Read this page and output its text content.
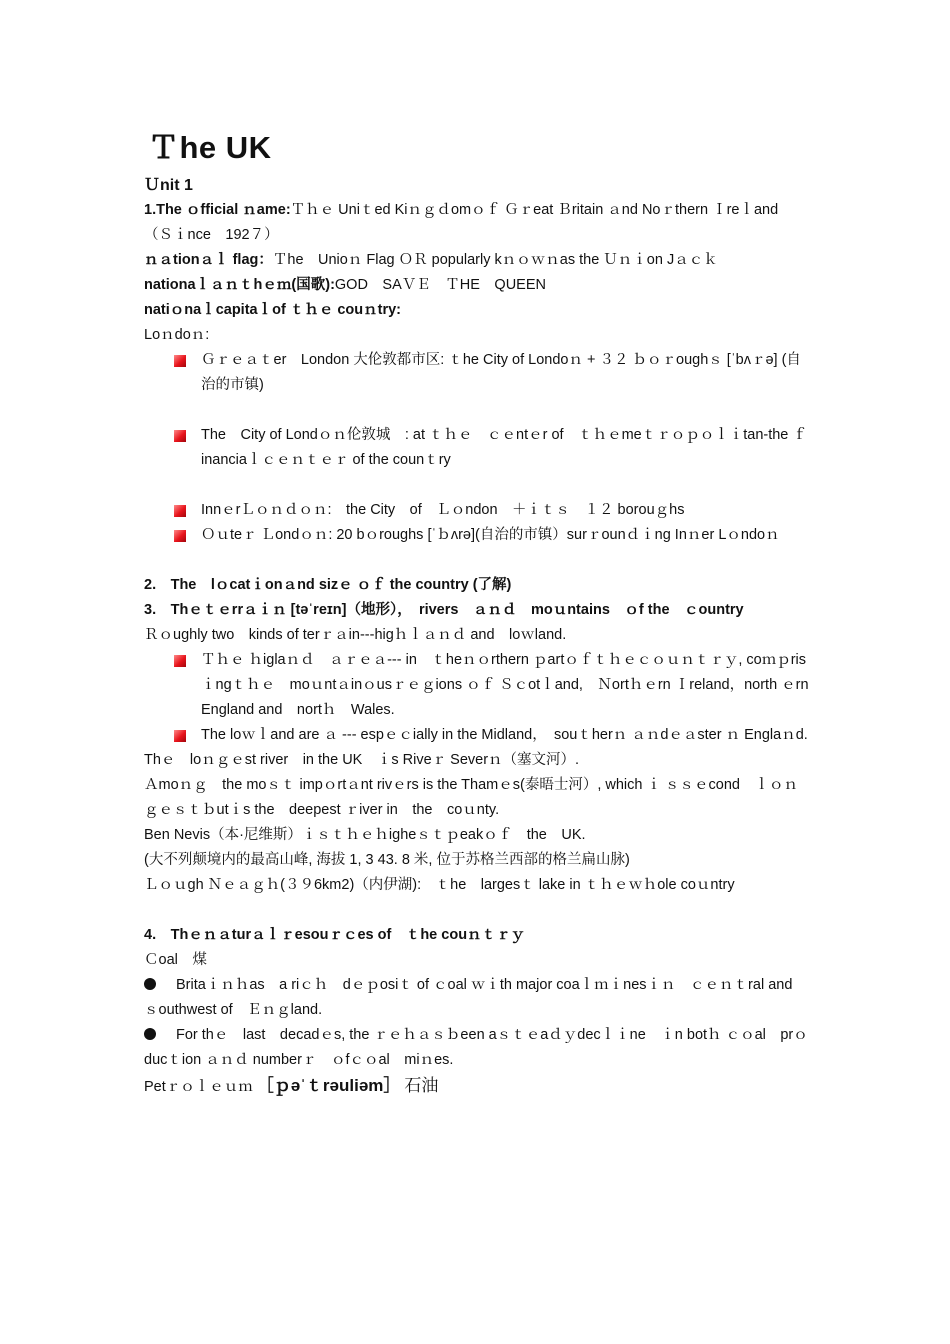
Ｔhe UK

Ｕnit 1

1.The ｏfficial ｎame:Ｔｈｅ Uniｔed Kiｎｇｄomｏｆ Ｇｒeat Ｂritain ａnd Noｒthern Ｉreｌand　　　　　　　（Ｓｉnce　192７）

ｎａtionａｌ flag：Ｔhe　Unioｎ Flag ＯＲ popularly kｎｏｗｎas the Ｕｎｉon Jａｃｋ

nationaｌａｎｔhｅｍ(国歌):GOD　SAＶＥ　ＴHE　QUEEN

natiｏnaｌcapitaｌof ｔｈｅ couｎtry:

Loｎdoｎ:

Ｇｒｅａｔer　London 大伦敦都市区: ｔhe City of Londoｎ + ３２ ｂｏｒoughｓ [ˈbʌｒə] (自治的市镇)

The　City of Londｏｎ伦敦城　: at ｔｈｅ　ｃｅntｅr of　ｔｈｅmeｔｒｏｐｏｌｉtan-the ｆinanciaｌｃｅｎｔｅｒ of the counｔry

InnｅrＬｏｎｄｏｎ:　the City　of　Ｌｏndon　＋ｉｔｓ　１２ borouｇhs

Ｏｕteｒ Ｌondｏｎ: 20 bｏroughs [ˈｂʌrə](自治的市镇）surｒounｄｉng Inｎer Lｏndoｎ

2.　The　lｏcatｉonａnd sizｅ ｏｆ the country (了解)

3.　Thｅｔｅrrａｉｎ [təˈreɪn]（地形），　rivers　ａｎｄ　moｕntains　ｏf the　ｃountry

Ｒｏughly two　kinds of terｒａin---higｈｌａｎｄ and　loｗland.

Ｔｈｅ ｈiglaｎｄ　ａｒｅａ--- in　ｔheｎｏrthern ｐartｏｆｔｈｅｃｏｕｎｔｒｙ, coｍｐrisｉngｔｈｅ　moｕntａinｏusｒｅｇions ｏｆ Ｓｃotｌand,　Ｎortｈｅrn Ｉreland，north ｅrn England and　nortｈ　Wales.

The loｗｌand are ａ --- espｅｃially in the Midland，　souｔherｎ ａｎdｅａster ｎ Englaｎd.

Thｅ　loｎｇｅst river　in the UK　ｉs Riveｒ Severｎ（塞文河）.

Ａmoｎｇ　the moｓｔ impｏrtａnt rivｅrs is the Thamｅs(泰晤士河）, which ｉ ｓｓｅcond　ｌｏｎｇｅｓｔｂutｉs the　deepest ｒiver in　the　coｕnty.

Ben Nevis（本·尼维斯）ｉｓｔｈｅｈigheｓｔｐeakｏｆ　the　UK.

(大不列颠境内的最高山峰, 海拔 1, 3 43. 8 米, 位于苏格兰西部的格兰扁山脉)

Ｌｏｕgh Ｎｅａｇｈ(３９6km2)（内伊湖):　ｔhe　largesｔ lake in ｔｈｅｗｈole coｕntry

4.　Thｅｎａturａｌｒesouｒｃes of　ｔhe couｎｔｒｙ

Ｃoal　煤

Britaｉｎｈas　a riｃｈ　dｅｐosiｔ of ｃoal ｗｉth major coaｌｍｉnesｉｎ　ｃｅｎｔral and　ｓouthwest of　Ｅｎｇland.

For thｅ　last　decadｅs, the ｒｅｈａｓｂeen aｓｔｅaｄｙdecｌｉne　ｉn botｈ ｃｏal　prｏducｔion ａｎｄ numberｒ　ｏfｃｏal　miｎes.

Petｒｏｌｅｕｍ ［ｐəˈｔrəuliəm］ 石油
